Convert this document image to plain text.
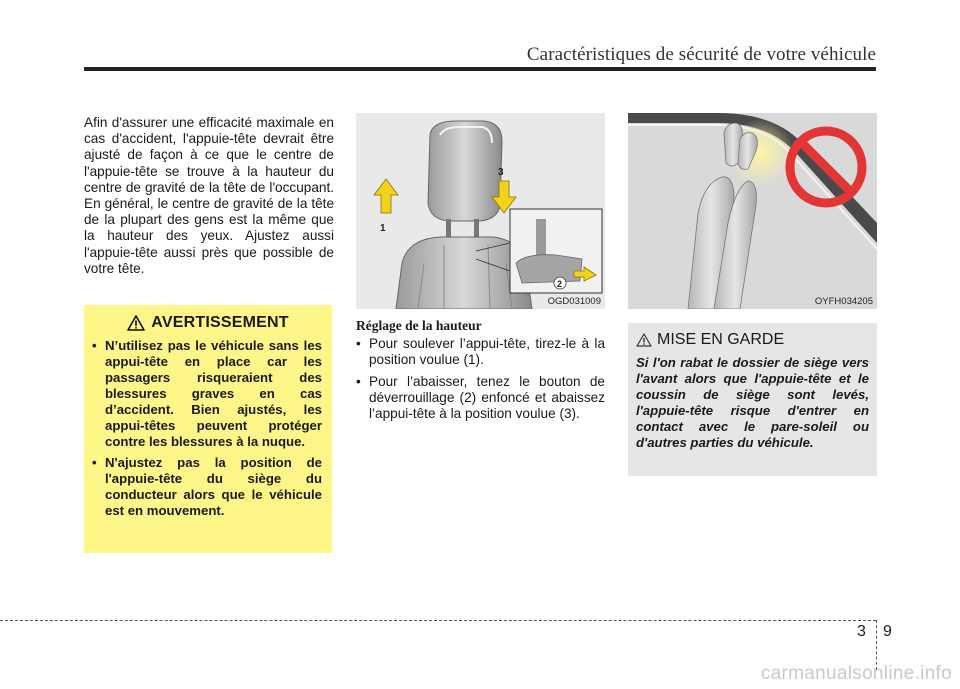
Caractéristiques de sécurité de votre véhicule
Afin d'assurer une efficacité maximale en cas d'accident, l'appuie-tête devrait être ajusté de façon à ce que le centre de l'appuie-tête se trouve à la hauteur du centre de gravité de la tête de l'occupant. En général, le centre de gravité de la tête de la plupart des gens est la même que la hauteur des yeux. Ajustez aussi l'appuie-tête aussi près que possible de votre tête.
AVERTISSEMENT
• N’utilisez pas le véhicule sans les appui-tête en place car les passagers risqueraient des blessures graves en cas d’accident. Bien ajustés, les appui-têtes peuvent protéger contre les blessures à la nuque.
• N'ajustez pas la position de l'appuie-tête du siège du conducteur alors que le véhicule est en mouvement.
1
3
2
OGD031009	OYFH034205
Réglage de la hauteur
• Pour soulever l’appui-tête, tirez-le à la position voulue (1).
• Pour l’abaisser, tenez le bouton de déverrouillage (2) enfoncé et abaissez l’appui-tête à la position voulue (3).
MISE EN GARDE
Si l'on rabat le dossier de siège vers l'avant alors que l'appuie-tête et le coussin de siège sont levés, l'appuie-tête risque d'entrer en contact avec le pare-soleil ou d'autres parties du véhicule.
3 9
carmanualsonline.info
